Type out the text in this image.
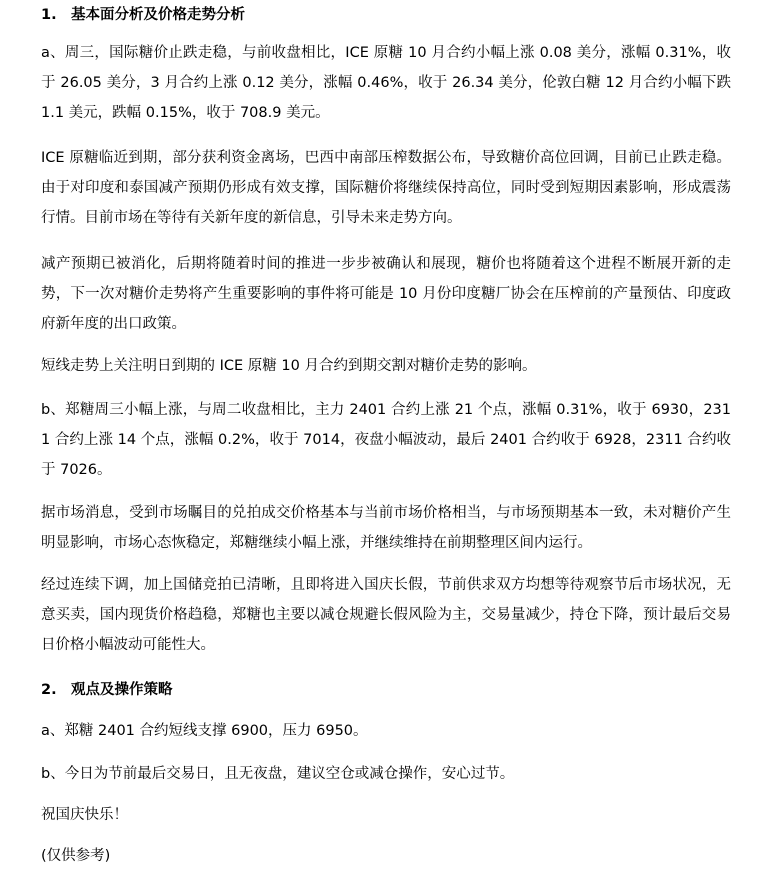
1. 基本面分析及价格走势分析

a、周三，国际糖价止跌走稳，与前收盘相比，ICE 原糖 10 月合约小幅上涨 0.08 美分，涨幅 0.31%，收于 26.05 美分，3 月合约上涨 0.12 美分，涨幅 0.46%，收于 26.34 美分，伦敦白糖 12 月合约小幅下跌 1.1 美元，跌幅 0.15%，收于 708.9 美元。

ICE 原糖临近到期，部分获利资金离场，巴西中南部压榨数据公布，导致糖价高位回调，目前已止跌走稳。由于对印度和泰国减产预期仍形成有效支撑，国际糖价将继续保持高位，同时受到短期因素影响，形成震荡行情。目前市场在等待有关新年度的新信息，引导未来走势方向。

减产预期已被消化，后期将随着时间的推进一步步被确认和展现，糖价也将随着这个进程不断展开新的走势，下一次对糖价走势将产生重要影响的事件将可能是 10 月份印度糖厂协会在压榨前的产量预估、印度政府新年度的出口政策。

短线走势上关注明日到期的 ICE 原糖 10 月合约到期交割对糖价走势的影响。

b、郑糖周三小幅上涨，与周二收盘相比，主力 2401 合约上涨 21 个点，涨幅 0.31%，收于 6930，2311 合约上涨 14 个点，涨幅 0.2%，收于 7014，夜盘小幅波动，最后 2401 合约收于 6928，2311 合约收于 7026。

据市场消息，受到市场瞩目的兑拍成交价格基本与当前市场价格相当，与市场预期基本一致，未对糖价产生明显影响，市场心态恢稳定，郑糖继续小幅上涨，并继续维持在前期整理区间内运行。

经过连续下调，加上国储竞拍已清晰，且即将进入国庆长假，节前供求双方均想等待观察节后市场状况，无意买卖，国内现货价格趋稳，郑糖也主要以减仓规避长假风险为主，交易量减少，持仓下降，预计最后交易日价格小幅波动可能性大。

2. 观点及操作策略

a、郑糖 2401 合约短线支撑 6900，压力 6950。

b、今日为节前最后交易日，且无夜盘，建议空仓或减仓操作，安心过节。

祝国庆快乐！

(仅供参考)
